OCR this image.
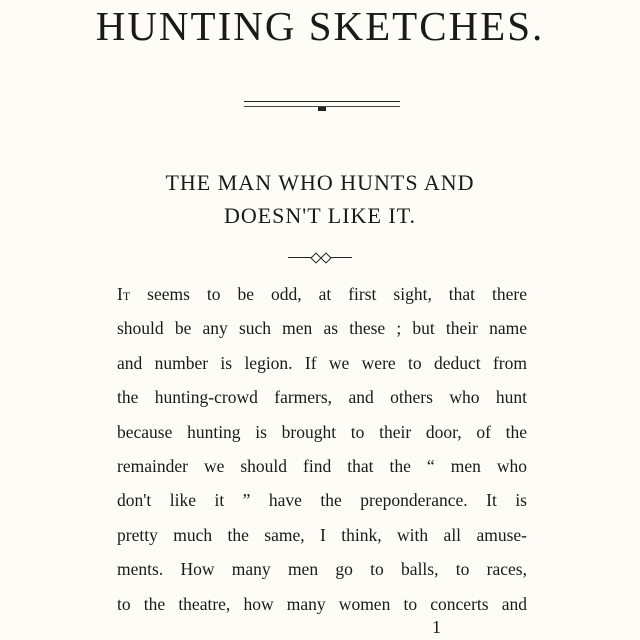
HUNTING SKETCHES.
THE MAN WHO HUNTS AND
DOESN'T LIKE IT.
It seems to be odd, at first sight, that there
should be any such men as these ; but their name
and number is legion. If we were to deduct from
the hunting-crowd farmers, and others who hunt
because hunting is brought to their door, of the
remainder we should find that the “ men who
don't like it ” have the preponderance. It is
pretty much the same, I think, with all amuse-
ments. How many men go to balls, to races,
to the theatre, how many women to concerts and
1
